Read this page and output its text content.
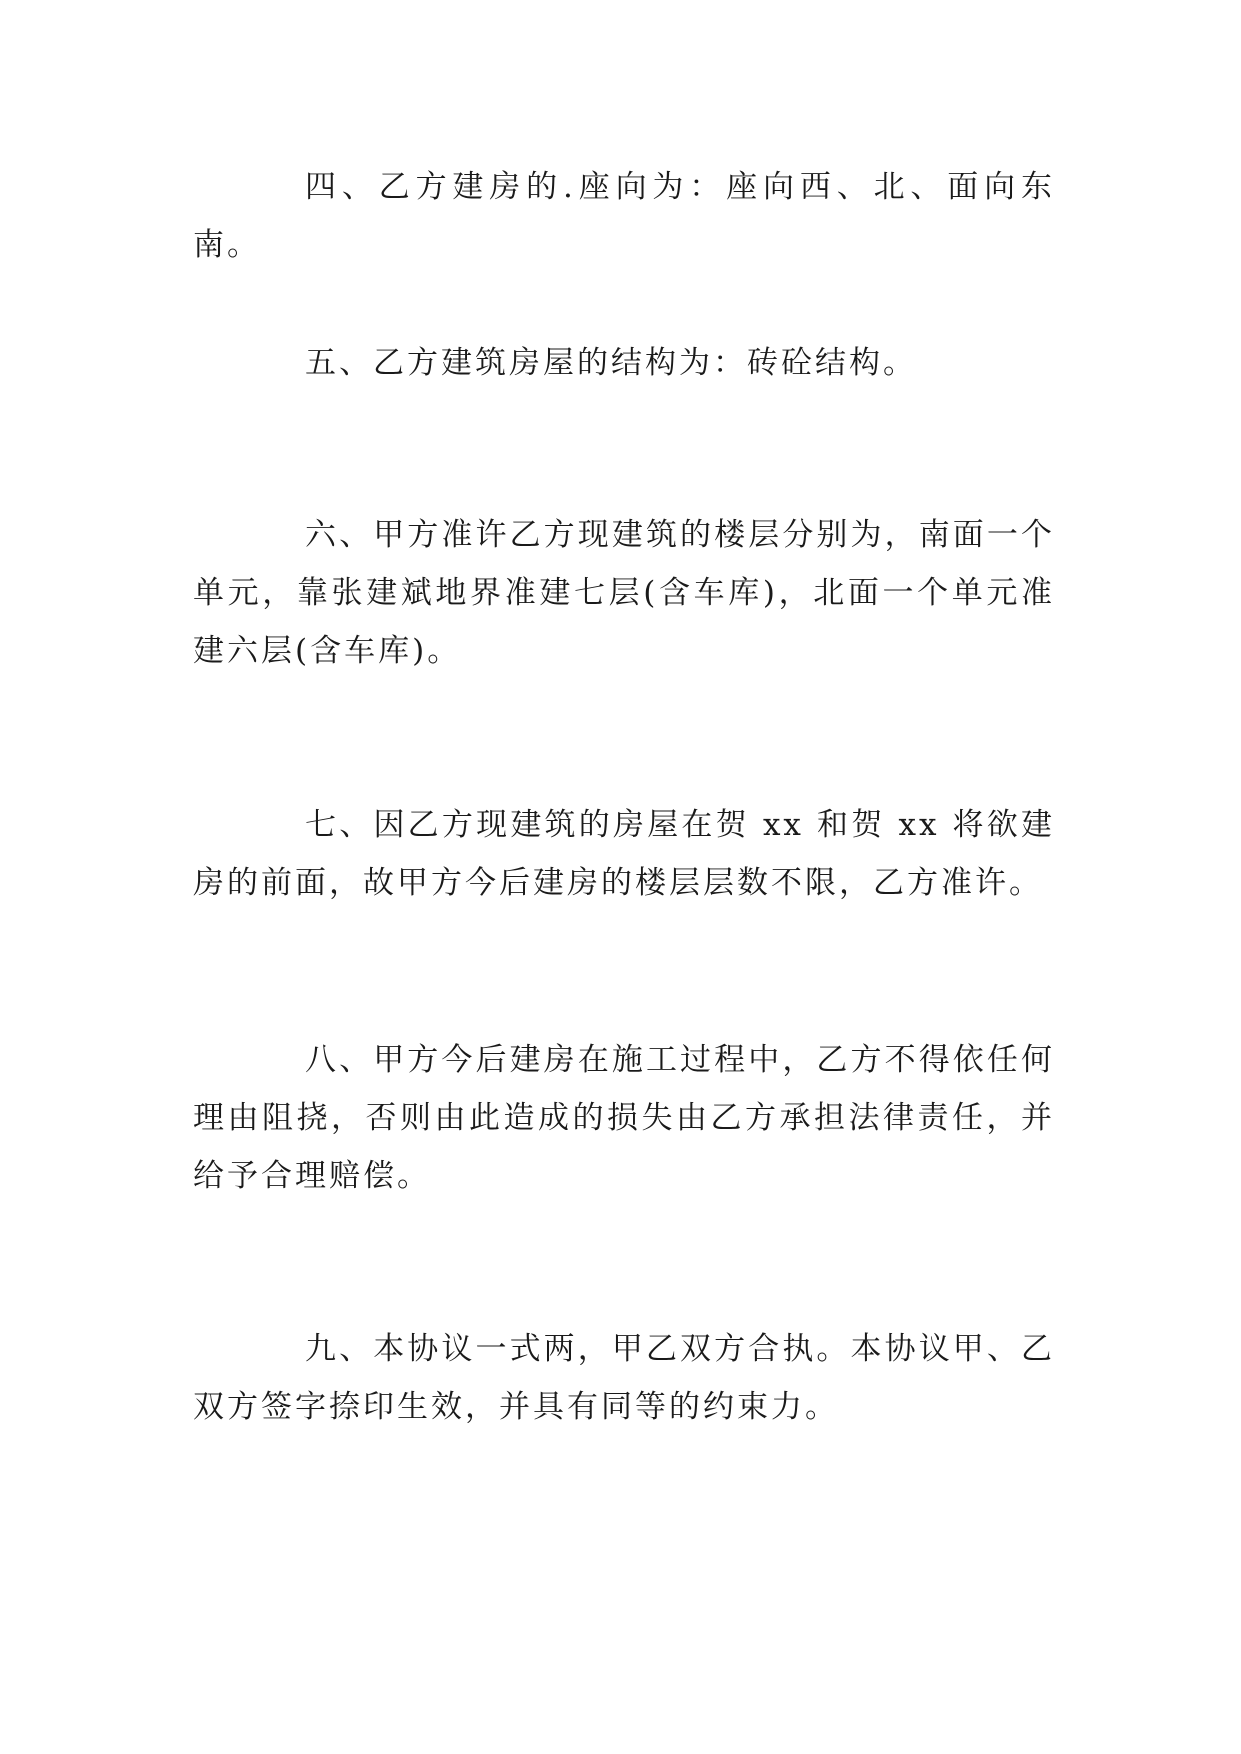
四、乙方建房的.座向为：座向西、北、面向东南。

五、乙方建筑房屋的结构为：砖砼结构。

六、甲方准许乙方现建筑的楼层分别为，南面一个单元，靠张建斌地界准建七层(含车库)，北面一个单元准建六层(含车库)。

七、因乙方现建筑的房屋在贺 xx 和贺 xx 将欲建房的前面，故甲方今后建房的楼层层数不限，乙方准许。

八、甲方今后建房在施工过程中，乙方不得依任何理由阻挠，否则由此造成的损失由乙方承担法律责任，并给予合理赔偿。

九、本协议一式两，甲乙双方合执。本协议甲、乙双方签字捺印生效，并具有同等的约束力。
